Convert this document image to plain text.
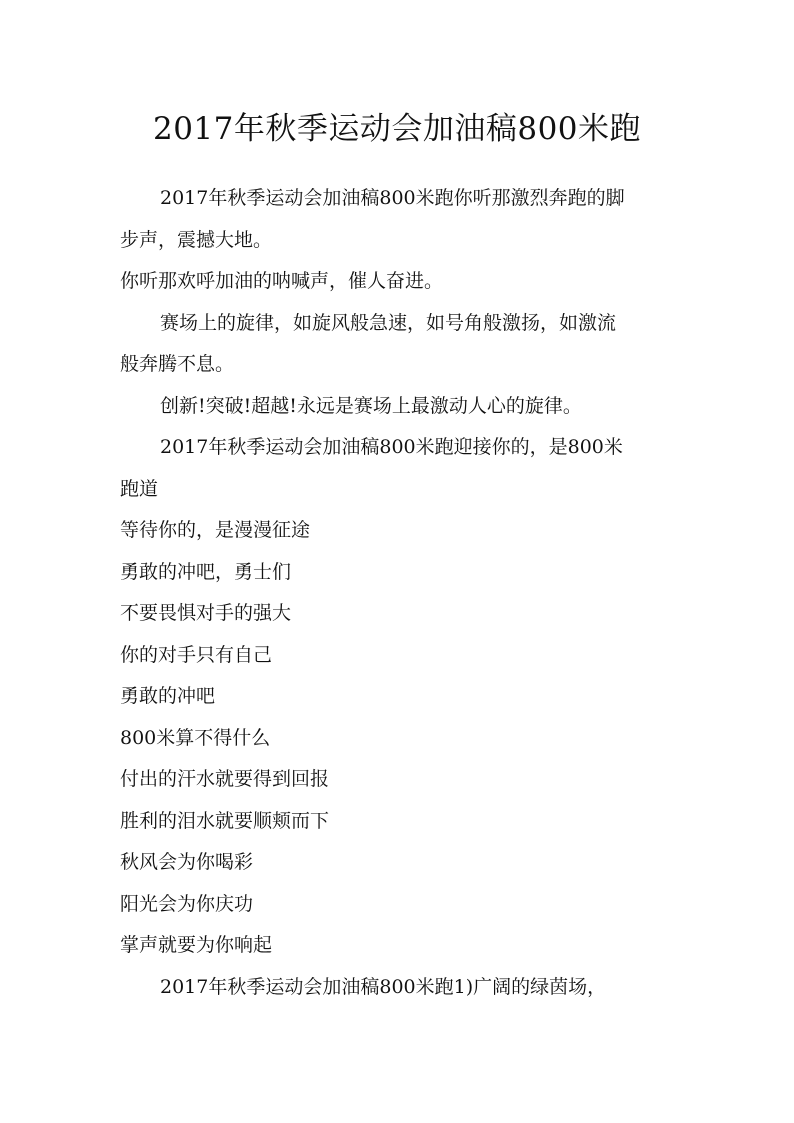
2017年秋季运动会加油稿800米跑
2017年秋季运动会加油稿800米跑你听那激烈奔跑的脚
步声，震撼大地。
你听那欢呼加油的呐喊声，催人奋进。
赛场上的旋律，如旋风般急速，如号角般激扬，如激流
般奔腾不息。
创新!突破!超越!永远是赛场上最激动人心的旋律。
2017年秋季运动会加油稿800米跑迎接你的，是800米
跑道
等待你的，是漫漫征途
勇敢的冲吧，勇士们
不要畏惧对手的强大
你的对手只有自己
勇敢的冲吧
800米算不得什么
付出的汗水就要得到回报
胜利的泪水就要顺颊而下
秋风会为你喝彩
阳光会为你庆功
掌声就要为你响起
2017年秋季运动会加油稿800米跑1)广阔的绿茵场，
